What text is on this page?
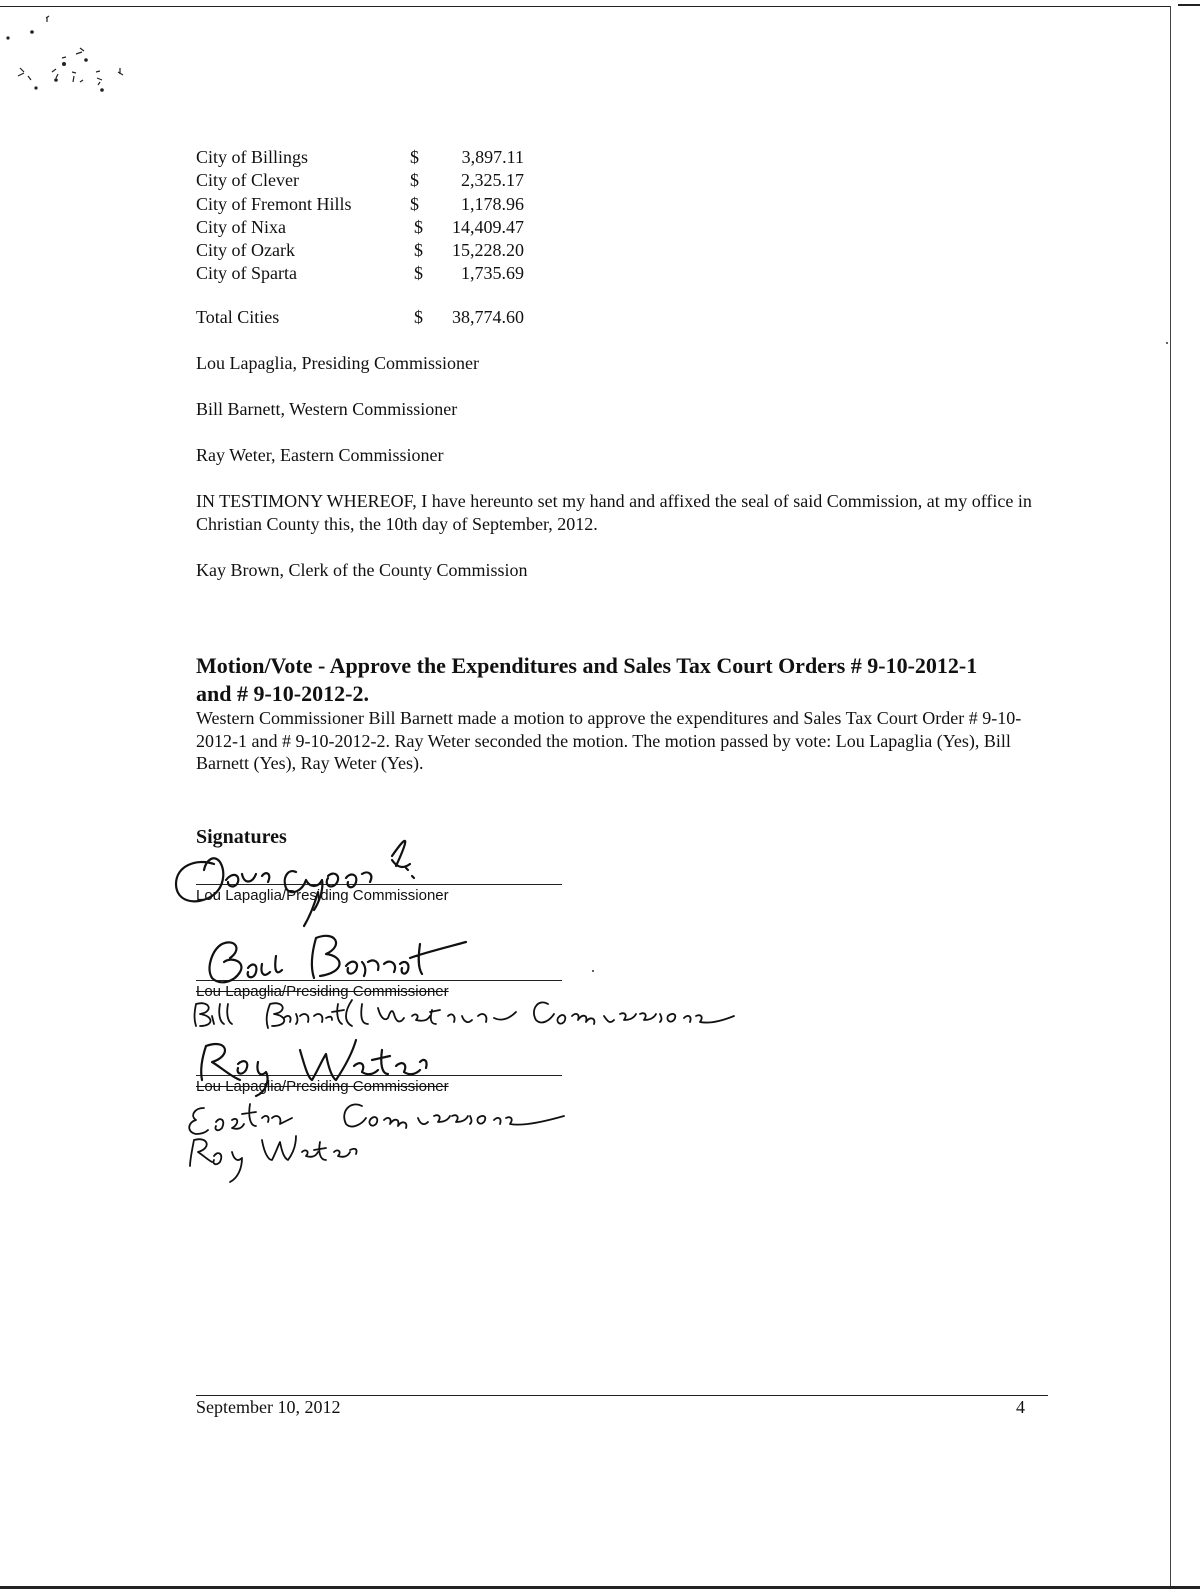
City of Billings	$ 3,897.11
City of Clever	$ 2,325.17
City of Fremont Hills	$ 1,178.96
City of Nixa	$ 14,409.47
City of Ozark	$ 15,228.20
City of Sparta	$ 1,735.69
Total Cities	$ 38,774.60
Lou Lapaglia, Presiding Commissioner
Bill Barnett, Western Commissioner
Ray Weter, Eastern Commissioner
IN TESTIMONY WHEREOF, I have hereunto set my hand and affixed the seal of said Commission, at my office in Christian County this, the 10th day of September, 2012.
Kay Brown, Clerk of the County Commission
Motion/Vote - Approve the Expenditures and Sales Tax Court Orders # 9-10-2012-1 and # 9-10-2012-2.
Western Commissioner Bill Barnett made a motion to approve the expenditures and Sales Tax Court Order # 9-10-2012-1 and # 9-10-2012-2. Ray Weter seconded the motion. The motion passed by vote: Lou Lapaglia (Yes), Bill Barnett (Yes), Ray Weter (Yes).
Signatures
Lou Lapaglia/Presiding Commissioner
Lou Lapaglia/Presiding Commissioner
Lou Lapaglia/Presiding Commissioner
September 10, 2012	4
